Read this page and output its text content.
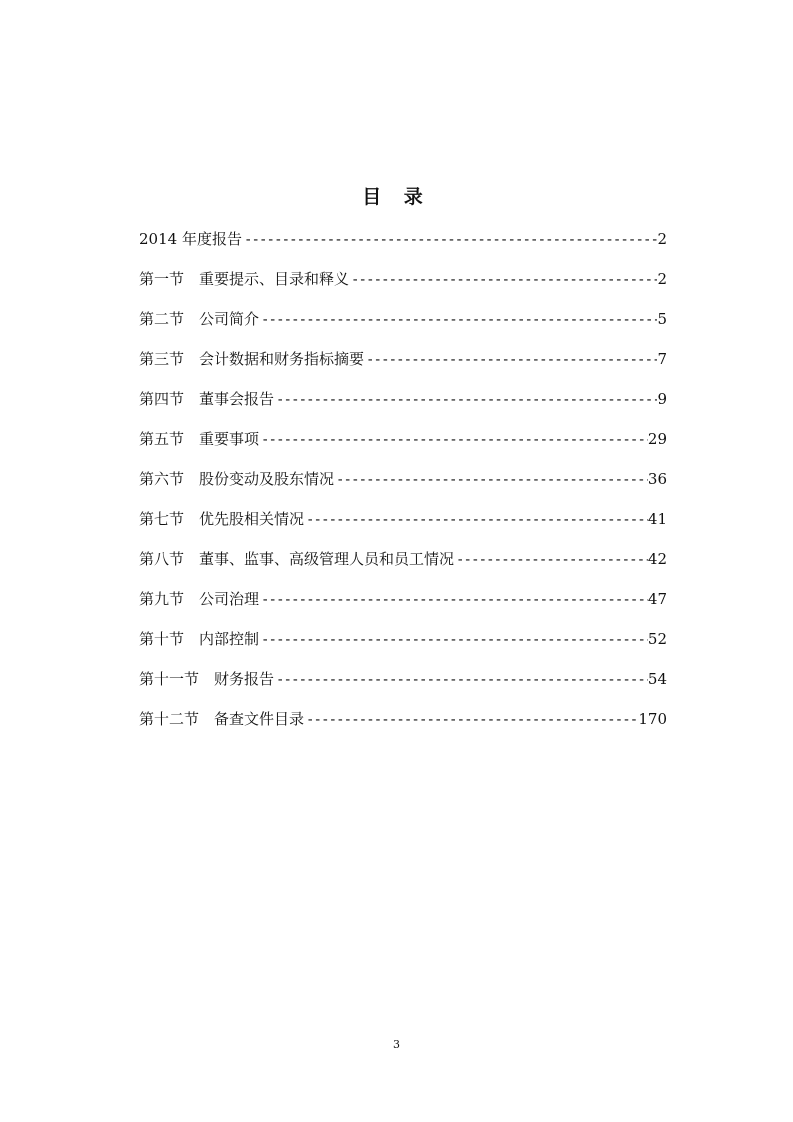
目 录
2014 年度报告 -----	2
第一节　重要提示、目录和释义 -----	2
第二节　公司简介 -----	5
第三节　会计数据和财务指标摘要 -----	7
第四节　董事会报告 -----	9
第五节　重要事项 -----	29
第六节　股份变动及股东情况 -----	36
第七节　优先股相关情况 -----	41
第八节　董事、监事、高级管理人员和员工情况 -----	42
第九节　公司治理 -----	47
第十节　内部控制 -----	52
第十一节　财务报告 -----	54
第十二节　备查文件目录 -----	170
3
